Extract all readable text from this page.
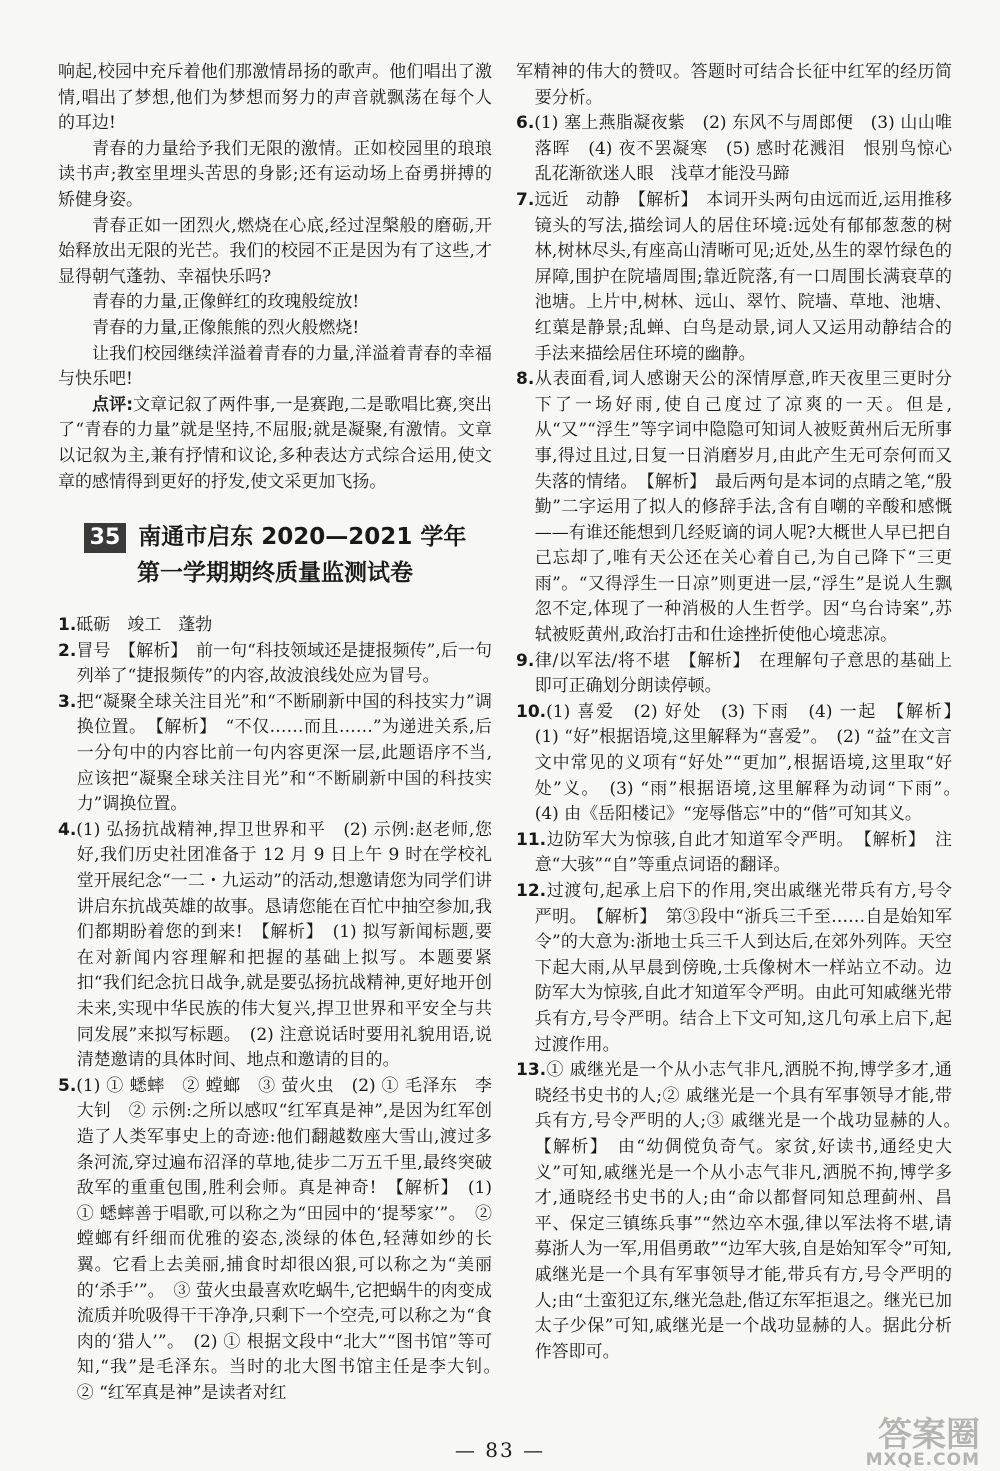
响起,校园中充斥着他们那激情昂扬的歌声。他们唱出了激情,唱出了梦想,他们为梦想而努力的声音就飘荡在每个人的耳边!

青春的力量给予我们无限的激情。正如校园里的琅琅读书声;教室里埋头苦思的身影;还有运动场上奋勇拼搏的矫健身姿。

青春正如一团烈火,燃烧在心底,经过涅槃般的磨砺,开始释放出无限的光芒。我们的校园不正是因为有了这些,才显得朝气蓬勃、幸福快乐吗?

青春的力量,正像鲜红的玫瑰般绽放!

青春的力量,正像熊熊的烈火般燃烧!

让我们校园继续洋溢着青春的力量,洋溢着青春的幸福与快乐吧!

点评:文章记叙了两件事,一是赛跑,二是歌唱比赛,突出了“青春的力量”就是坚持,不屈服;就是凝聚,有激情。文章以记叙为主,兼有抒情和议论,多种表达方式综合运用,使文章的感情得到更好的抒发,使文采更加飞扬。

35 南通市启东 2020—2021 学年
第一学期期终质量监测试卷

1.砥砺　竣工　蓬勃

2.冒号　【解析】　前一句“科技领域还是捷报频传”,后一句列举了“捷报频传”的内容,故波浪线处应为冒号。

3.把“凝聚全球关注目光”和“不断刷新中国的科技实力”调换位置。　【解析】　“不仅……而且……”为递进关系,后一分句中的内容比前一句内容更深一层,此题语序不当,应该把“凝聚全球关注目光”和“不断刷新中国的科技实力”调换位置。

4.(1) 弘扬抗战精神,捍卫世界和平　(2) 示例:赵老师,您好,我们历史社团准备于 12 月 9 日上午 9 时在学校礼堂开展纪念“一二・九运动”的活动,想邀请您为同学们讲讲启东抗战英雄的故事。恳请您能在百忙中抽空参加,我们都期盼着您的到来!　【解析】　(1) 拟写新闻标题,要在对新闻内容理解和把握的基础上拟写。本题要紧扣“我们纪念抗日战争,就是要弘扬抗战精神,更好地开创未来,实现中华民族的伟大复兴,捍卫世界和平安全与共同发展”来拟写标题。　(2) 注意说话时要用礼貌用语,说清楚邀请的具体时间、地点和邀请的目的。

5.(1) ① 蟋蟀　② 螳螂　③ 萤火虫　(2) ① 毛泽东　李大钊　② 示例:之所以感叹“红军真是神”,是因为红军创造了人类军事史上的奇迹:他们翻越数座大雪山,渡过多条河流,穿过遍布沼泽的草地,徒步二万五千里,最终突破敌军的重重包围,胜利会师。真是神奇!　【解析】　(1) ① 蟋蟀善于唱歌,可以称之为“田园中的‘提琴家’”。　② 螳螂有纤细而优雅的姿态,淡绿的体色,轻薄如纱的长翼。它看上去美丽,捕食时却很凶狠,可以称之为“美丽的‘杀手’”。　③ 萤火虫最喜欢吃蜗牛,它把蜗牛的肉变成流质并吮吸得干干净净,只剩下一个空壳,可以称之为“食肉的‘猎人’”。　(2) ① 根据文段中“北大”“图书馆”等可知,“我”是毛泽东。当时的北大图书馆主任是李大钊。　② “红军真是神”是读者对红

军精神的伟大的赞叹。答题时可结合长征中红军的经历简要分析。

6.(1) 塞上燕脂凝夜紫　(2) 东风不与周郎便　(3) 山山唯落晖　(4) 夜不罢凝寒　(5) 感时花溅泪　恨别鸟惊心　乱花渐欲迷人眼　浅草才能没马蹄

7.远近　动静　【解析】　本词开头两句由远而近,运用推移镜头的写法,描绘词人的居住环境:远处有郁郁葱葱的树林,树林尽头,有座高山清晰可见;近处,丛生的翠竹绿色的屏障,围护在院墙周围;靠近院落,有一口周围长满衰草的池塘。上片中,树林、远山、翠竹、院墙、草地、池塘、红蕖是静景;乱蝉、白鸟是动景,词人又运用动静结合的手法来描绘居住环境的幽静。

8.从表面看,词人感谢天公的深情厚意,昨天夜里三更时分下了一场好雨,使自己度过了凉爽的一天。但是,从“又”“浮生”等字词中隐隐可知词人被贬黄州后无所事事,得过且过,日复一日消磨岁月,由此产生无可奈何而又失落的情绪。　【解析】　最后两句是本词的点睛之笔,“殷勤”二字运用了拟人的修辞手法,含有自嘲的辛酸和感慨——有谁还能想到几经贬谪的词人呢?大概世人早已把自己忘却了,唯有天公还在关心着自己,为自己降下“三更雨”。“又得浮生一日凉”则更进一层,“浮生”是说人生飘忽不定,体现了一种消极的人生哲学。因“乌台诗案”,苏轼被贬黄州,政治打击和仕途挫折使他心境悲凉。

9.律/以军法/将不堪　【解析】　在理解句子意思的基础上即可正确划分朗读停顿。

10.(1) 喜爱　(2) 好处　(3) 下雨　(4) 一起　【解析】　(1) “好”根据语境,这里解释为“喜爱”。　(2) “益”在文言文中常见的义项有“好处”“更加”,根据语境,这里取“好处”义。　(3) “雨”根据语境,这里解释为动词“下雨”。　(4) 由《岳阳楼记》“宠辱偕忘”中的“偕”可知其义。

11.边防军大为惊骇,自此才知道军令严明。　【解析】　注意“大骇”“自”等重点词语的翻译。

12.过渡句,起承上启下的作用,突出戚继光带兵有方,号令严明。　【解析】　第③段中“浙兵三千至……自是始知军令”的大意为:浙地士兵三千人到达后,在郊外列阵。天空下起大雨,从早晨到傍晚,士兵像树木一样站立不动。边防军大为惊骇,自此才知道军令严明。由此可知戚继光带兵有方,号令严明。结合上下文可知,这几句承上启下,起过渡作用。

13.① 戚继光是一个从小志气非凡,洒脱不拘,博学多才,通晓经书史书的人;② 戚继光是一个具有军事领导才能,带兵有方,号令严明的人;③ 戚继光是一个战功显赫的人。　【解析】　由“幼倜傥负奇气。家贫,好读书,通经史大义”可知,戚继光是一个从小志气非凡,洒脱不拘,博学多才,通晓经书史书的人;由“命以都督同知总理蓟州、昌平、保定三镇练兵事”“然边卒木强,律以军法将不堪,请募浙人为一军,用倡勇敢”“边军大骇,自是始知军令”可知,戚继光是一个具有军事领导才能,带兵有方,号令严明的人;由“土蛮犯辽东,继光急赴,偕辽东军拒退之。继光已加太子少保”可知,戚继光是一个战功显赫的人。据此分析作答即可。

— 83 —	答案圈
MXQE.COM
